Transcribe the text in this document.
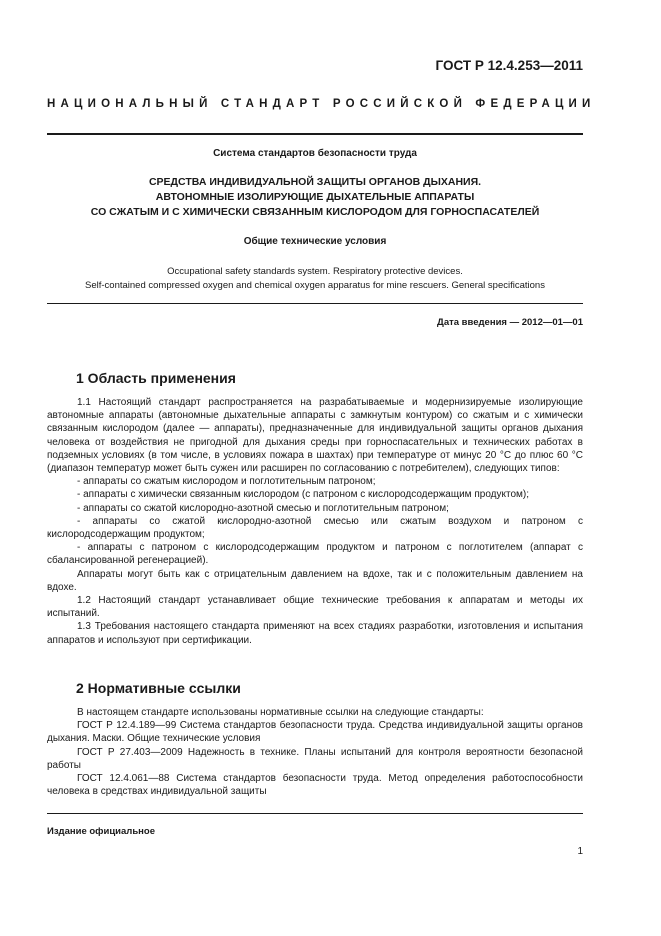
ГОСТ Р 12.4.253—2011
НАЦИОНАЛЬНЫЙ СТАНДАРТ РОССИЙСКОЙ ФЕДЕРАЦИИ
Система стандартов безопасности труда
СРЕДСТВА ИНДИВИДУАЛЬНОЙ ЗАЩИТЫ ОРГАНОВ ДЫХАНИЯ.
АВТОНОМНЫЕ ИЗОЛИРУЮЩИЕ ДЫХАТЕЛЬНЫЕ АППАРАТЫ
СО СЖАТЫМ И С ХИМИЧЕСКИ СВЯЗАННЫМ КИСЛОРОДОМ ДЛЯ ГОРНОСПАСАТЕЛЕЙ
Общие технические условия
Occupational safety standards system. Respiratory protective devices.
Self-contained compressed oxygen and chemical oxygen apparatus for mine rescuers. General specifications
Дата введения — 2012—01—01
1 Область применения

1.1 Настоящий стандарт распространяется на разрабатываемые и модернизируемые изолирующие автономные аппараты (автономные дыхательные аппараты с замкнутым контуром) со сжатым и с химически связанным кислородом (далее — аппараты), предназначенные для индивидуальной защиты органов дыхания человека от воздействия не пригодной для дыхания среды при горноспасательных и технических работах в подземных условиях (в том числе, в условиях пожара в шахтах) при температуре от минус 20 °С до плюс 60 °С (диапазон температур может быть сужен или расширен по согласованию с потребителем), следующих типов:

- аппараты со сжатым кислородом и поглотительным патроном;

- аппараты с химически связанным кислородом (с патроном с кислородсодержащим продуктом);

- аппараты со сжатой кислородно-азотной смесью и поглотительным патроном;

- аппараты со сжатой кислородно-азотной смесью или сжатым воздухом и патроном с кислородсодержащим продуктом;

- аппараты с патроном с кислородсодержащим продуктом и патроном с поглотителем (аппарат с сбалансированной регенерацией).

Аппараты могут быть как с отрицательным давлением на вдохе, так и с положительным давлением на вдохе.

1.2 Настоящий стандарт устанавливает общие технические требования к аппаратам и методы их испытаний.

1.3 Требования настоящего стандарта применяют на всех стадиях разработки, изготовления и испытания аппаратов и используют при сертификации.

2 Нормативные ссылки

В настоящем стандарте использованы нормативные ссылки на следующие стандарты:

ГОСТ Р 12.4.189—99 Система стандартов безопасности труда. Средства индивидуальной защиты органов дыхания. Маски. Общие технические условия

ГОСТ Р 27.403—2009 Надежность в технике. Планы испытаний для контроля вероятности безопасной работы

ГОСТ 12.4.061—88 Система стандартов безопасности труда. Метод определения работоспособности человека в средствах индивидуальной защиты

Издание официальное
1
